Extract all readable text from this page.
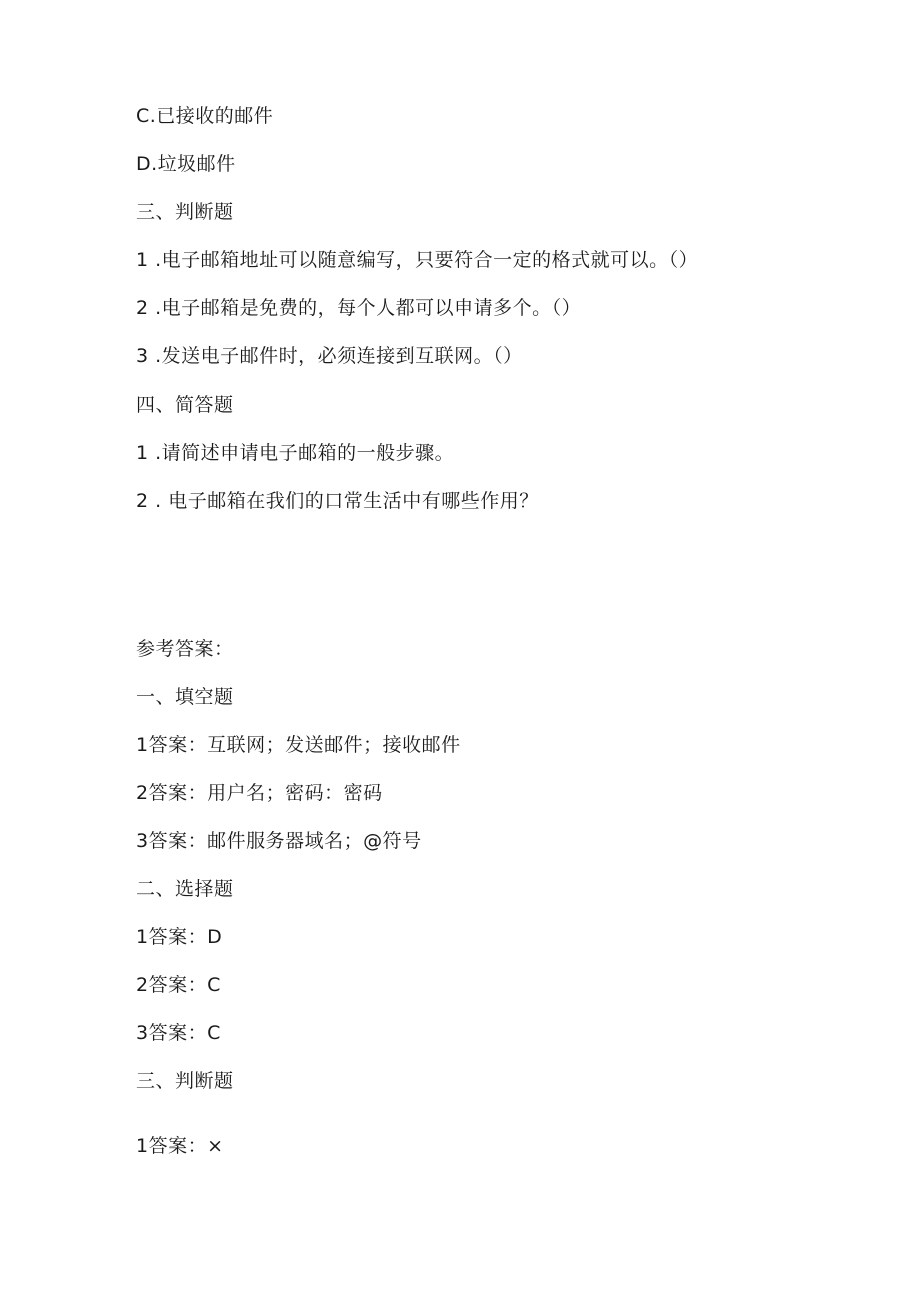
C.已接收的邮件
D.垃圾邮件
三、判断题
1 .电子邮箱地址可以随意编写，只要符合一定的格式就可以。（）
2 .电子邮箱是免费的，每个人都可以申请多个。（）
3 .发送电子邮件时，必须连接到互联网。（）
四、简答题
1 .请简述申请电子邮箱的一般步骤。
2 . 电子邮箱在我们的口常生活中有哪些作用？
参考答案：
一、填空题
1答案：互联网；发送邮件；接收邮件
2答案：用户名；密码：密码
3答案：邮件服务器域名；@符号
二、选择题
1答案：D
2答案：C
3答案：C
三、判断题
1答案：×
